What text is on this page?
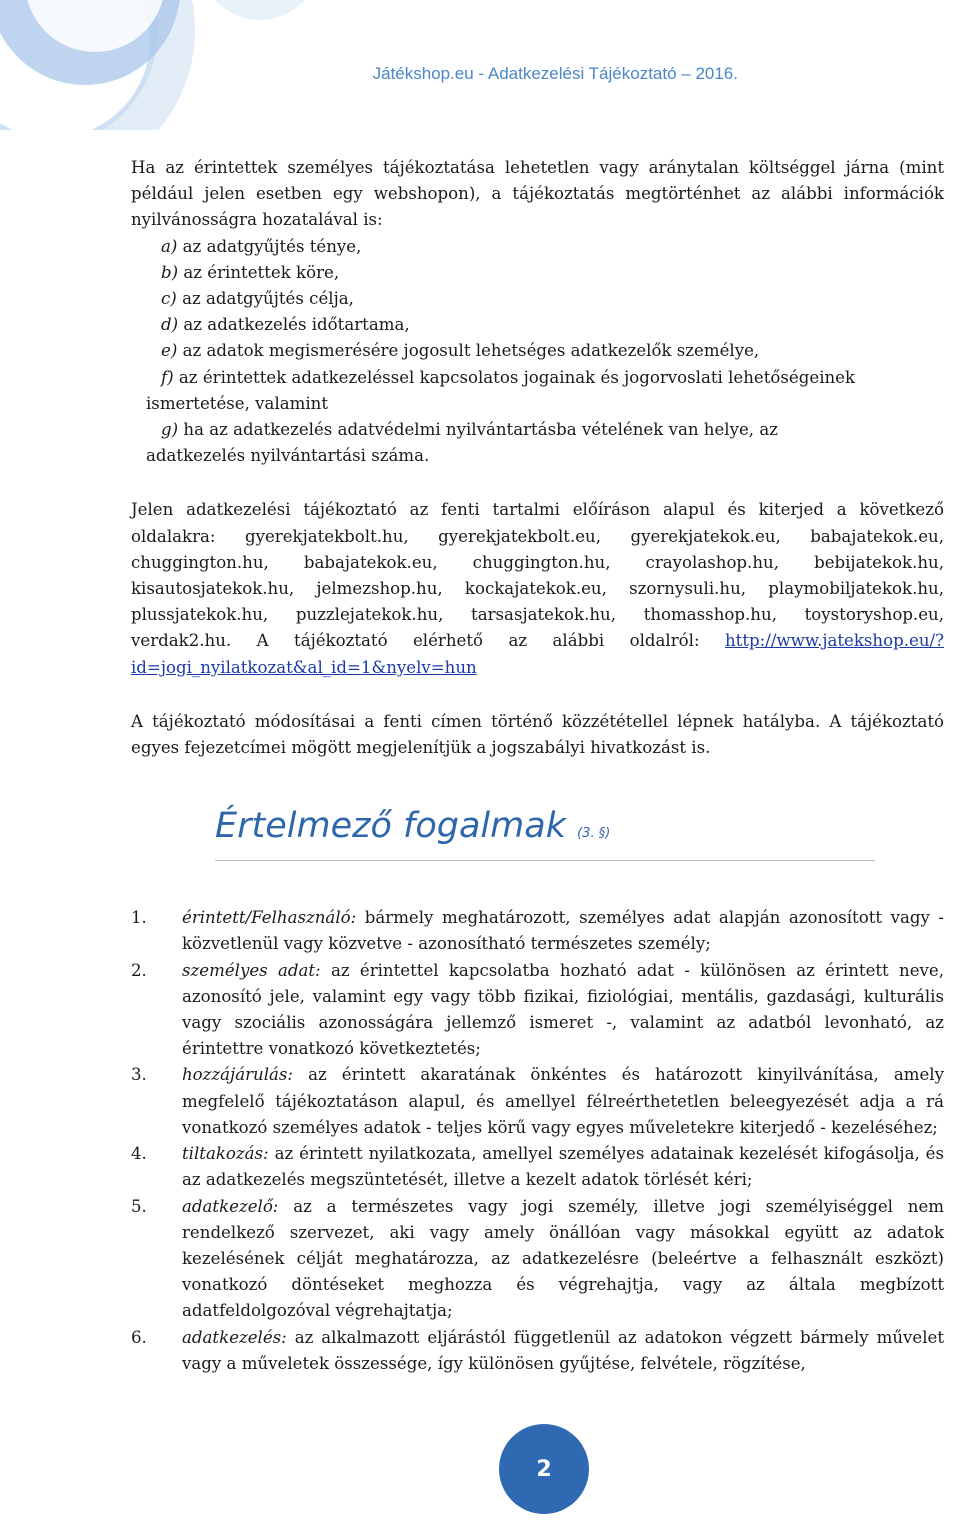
Játékshop.eu - Adatkezelési Tájékoztató – 2016.

Ha az érintettek személyes tájékoztatása lehetetlen vagy aránytalan költséggel járna (mint például jelen esetben egy webshopon), a tájékoztatás megtörténhet az alábbi információk nyilvánosságra hozatalával is:

a) az adatgyűjtés ténye,
b) az érintettek köre,
c) az adatgyűjtés célja,
d) az adatkezelés időtartama,
e) az adatok megismerésére jogosult lehetséges adatkezelők személye,
f) az érintettek adatkezeléssel kapcsolatos jogainak és jogorvoslati lehetőségeinek
ismertetése, valamint
g) ha az adatkezelés adatvédelmi nyilvántartásba vételének van helye, az
adatkezelés nyilvántartási száma.

Jelen adatkezelési tájékoztató az fenti tartalmi előíráson alapul és kiterjed a következő oldalakra: gyerekjatekbolt.hu, gyerekjatekbolt.eu, gyerekjatekok.eu, babajatekok.eu, chuggington.hu, babajatekok.eu, chuggington.hu, crayolashop.hu, bebijatekok.hu, kisautosjatekok.hu, jelmezshop.hu, kockajatekok.eu, szornysuli.hu, playmobiljatekok.hu, plussjatekok.hu, puzzlejatekok.hu, tarsasjatekok.hu, thomasshop.hu, toystoryshop.eu, verdak2.hu. A tájékoztató elérhető az alábbi oldalról: http://www.jatekshop.eu/?id=jogi_nyilatkozat&al_id=1&nyelv=hun

A tájékoztató módosításai a fenti címen történő közzététellel lépnek hatályba. A tájékoztató egyes fejezetcímei mögött megjelenítjük a jogszabályi hivatkozást is.

Értelmező fogalmak (3. §)
1. érintett/Felhasználó: bármely meghatározott, személyes adat alapján azonosított vagy - közvetlenül vagy közvetve - azonosítható természetes személy;
2. személyes adat: az érintettel kapcsolatba hozható adat - különösen az érintett neve, azonosító jele, valamint egy vagy több fizikai, fiziológiai, mentális, gazdasági, kulturális vagy szociális azonosságára jellemző ismeret -, valamint az adatból levonható, az érintettre vonatkozó következtetés;
3. hozzájárulás: az érintett akaratának önkéntes és határozott kinyilvánítása, amely megfelelő tájékoztatáson alapul, és amellyel félreérthetetlen beleegyezését adja a rá vonatkozó személyes adatok - teljes körű vagy egyes műveletekre kiterjedő - kezeléséhez;
4. tiltakozás: az érintett nyilatkozata, amellyel személyes adatainak kezelését kifogásolja, és az adatkezelés megszüntetését, illetve a kezelt adatok törlését kéri;
5. adatkezelő: az a természetes vagy jogi személy, illetve jogi személyiséggel nem rendelkező szervezet, aki vagy amely önállóan vagy másokkal együtt az adatok kezelésének célját meghatározza, az adatkezelésre (beleértve a felhasznált eszközt) vonatkozó döntéseket meghozza és végrehajtja, vagy az általa megbízott adatfeldolgozóval végrehajtatja;
6. adatkezelés: az alkalmazott eljárástól függetlenül az adatokon végzett bármely művelet vagy a műveletek összessége, így különösen gyűjtése, felvétele, rögzítése,
2
